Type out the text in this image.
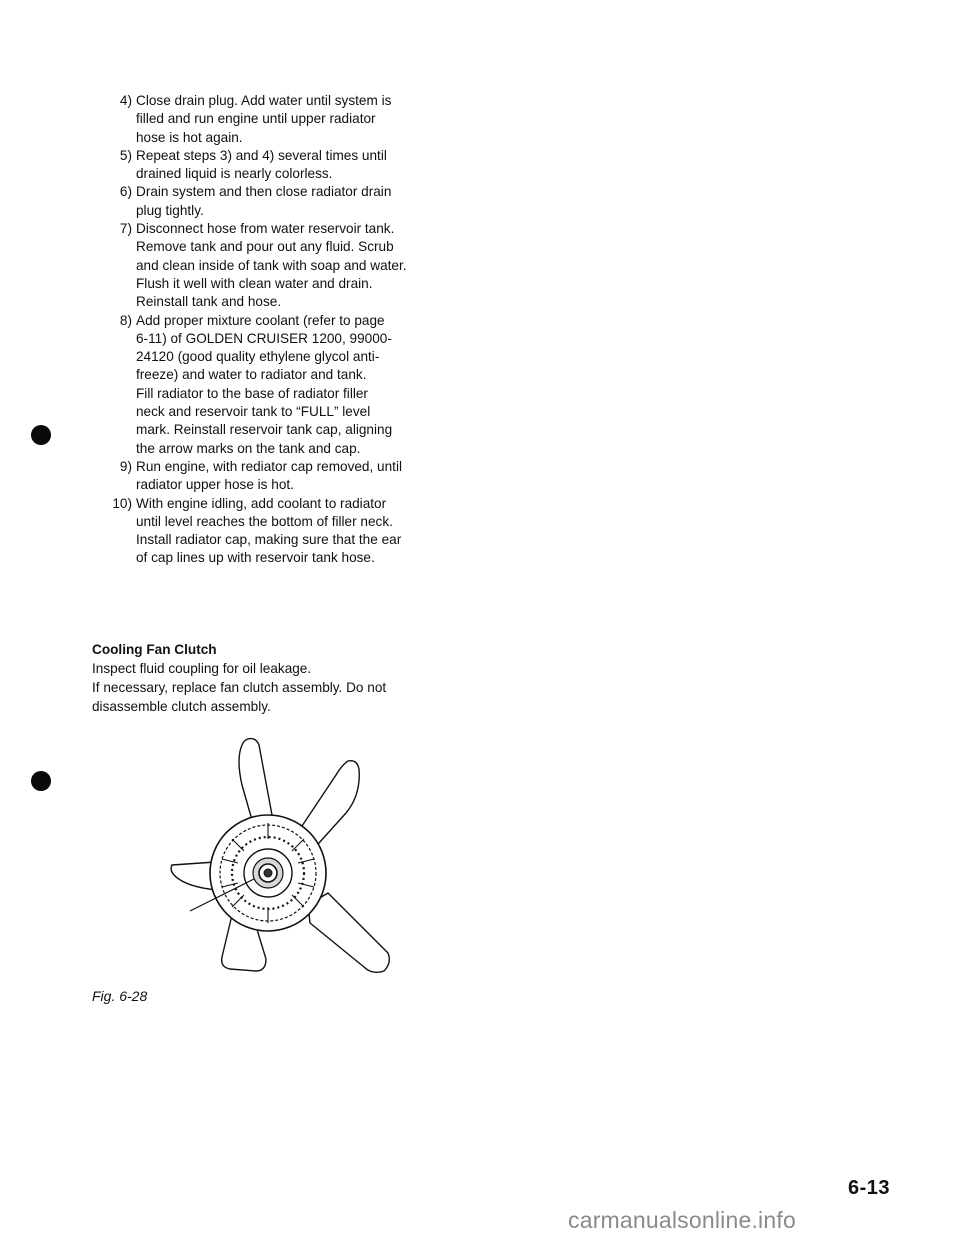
4) Close drain plug. Add water until system is
filled and run engine until upper radiator
hose is hot again.
5) Repeat steps 3) and 4) several times until
drained liquid is nearly colorless.
6) Drain system and then close radiator drain
plug tightly.
7) Disconnect hose from water reservoir tank.
Remove tank and pour out any fluid. Scrub
and clean inside of tank with soap and water.
Flush it well with clean water and drain.
Reinstall tank and hose.
8) Add proper mixture coolant (refer to page
6-11) of GOLDEN CRUISER 1200, 99000-
24120 (good quality ethylene glycol anti-
freeze) and water to radiator and tank.
Fill radiator to the base of radiator filler
neck and reservoir tank to “FULL” level
mark. Reinstall reservoir tank cap, aligning
the arrow marks on the tank and cap.
9) Run engine, with rediator cap removed, until
radiator upper hose is hot.
10) With engine idling, add coolant to radiator
until level reaches the bottom of filler neck.
Install radiator cap, making sure that the ear
of cap lines up with reservoir tank hose.
Cooling Fan Clutch

Inspect fluid coupling for oil leakage.

If necessary, replace fan clutch assembly. Do not

disassemble clutch assembly.

Fig. 6-28
6-13
carmanualsonline.info
